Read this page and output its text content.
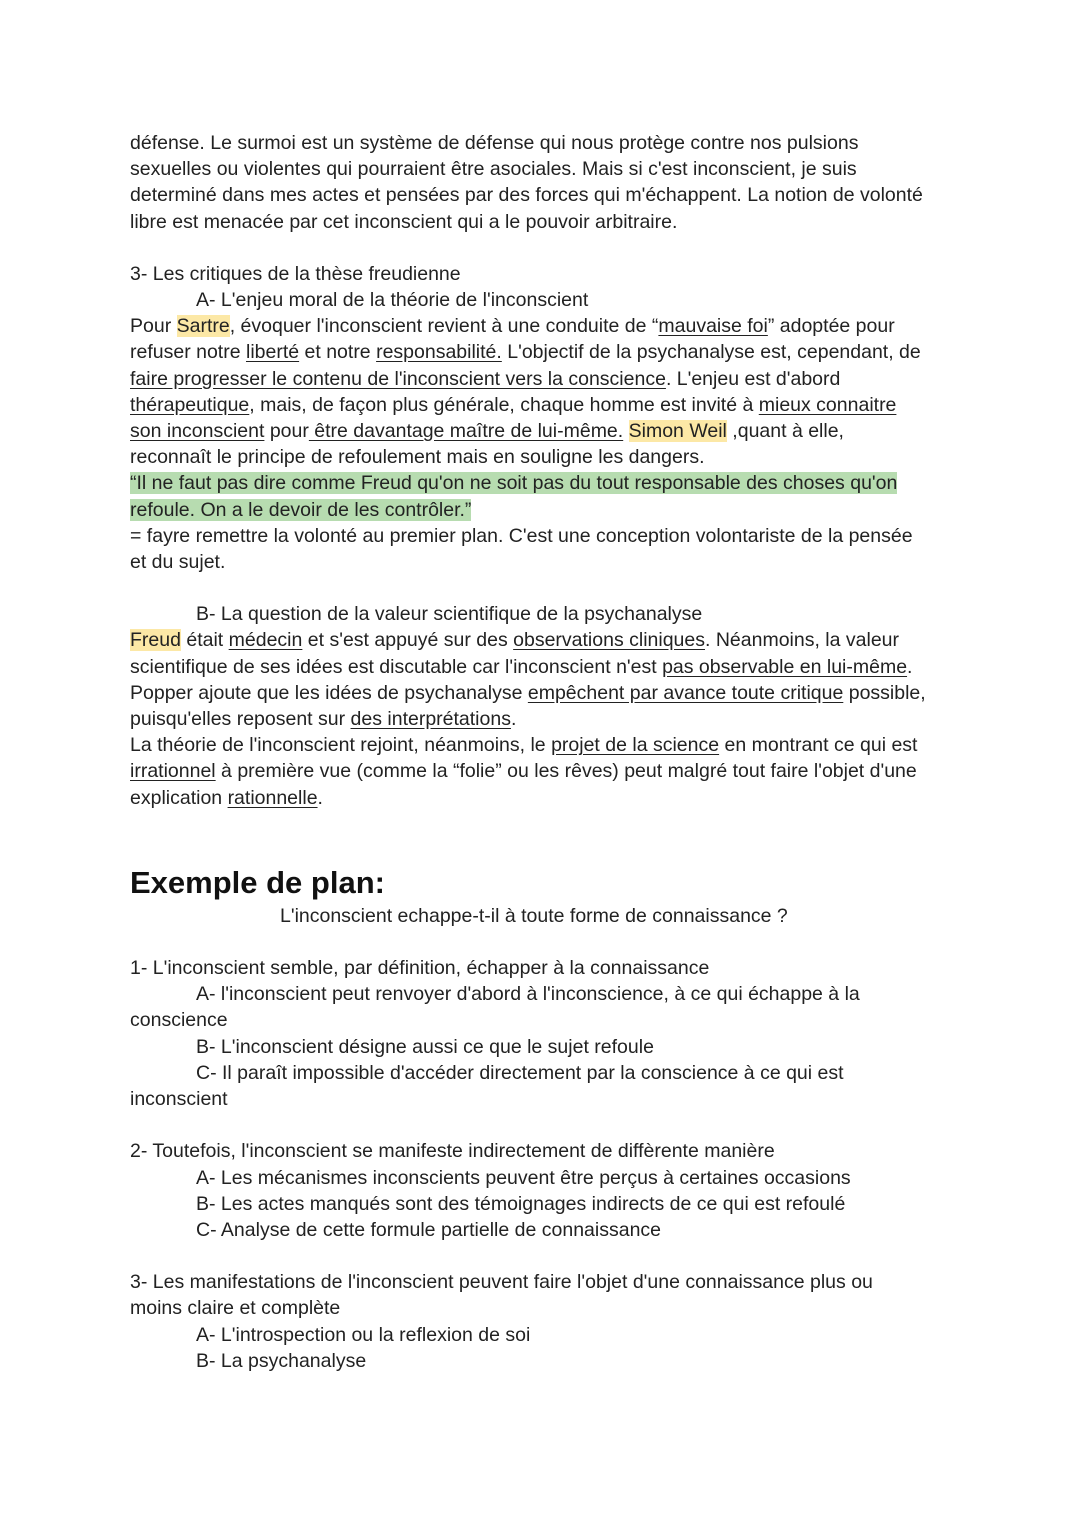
défense. Le surmoi est un système de défense qui nous protège contre nos pulsions

sexuelles ou violentes qui pourraient être asociales. Mais si c'est inconscient, je suis

determiné dans mes actes et pensées par des forces qui m'échappent. La notion de volonté

libre est menacée par cet inconscient qui a le pouvoir arbitraire.

3- Les critiques de la thèse freudienne

A- L'enjeu moral de la théorie de l'inconscient

Pour Sartre, évoquer l'inconscient revient à une conduite de “mauvaise foi” adoptée pour

refuser notre liberté et notre responsabilité. L'objectif de la psychanalyse est, cependant, de

faire progresser le contenu de l'inconscient vers la conscience. L'enjeu est d'abord

thérapeutique, mais, de façon plus générale, chaque homme est invité à mieux connaitre

son inconscient pour être davantage maître de lui-même. Simon Weil ,quant à elle,

reconnaît le principe de refoulement mais en souligne les dangers.

“Il ne faut pas dire comme Freud qu'on ne soit pas du tout responsable des choses qu'on

refoule. On a le devoir de les contrôler.”

= fayre remettre la volonté au premier plan. C'est une conception volontariste de la pensée

et du sujet.

B- La question de la valeur scientifique de la psychanalyse

Freud était médecin et s'est appuyé sur des observations cliniques. Néanmoins, la valeur

scientifique de ses idées est discutable car l'inconscient n'est pas observable en lui-même.

Popper ajoute que les idées de psychanalyse empêchent par avance toute critique possible,

puisqu'elles reposent sur des interprétations.

La théorie de l'inconscient rejoint, néanmoins, le projet de la science en montrant ce qui est

irrationnel à première vue (comme la “folie” ou les rêves) peut malgré tout faire l'objet d'une

explication rationnelle.

Exemple de plan:

L'inconscient echappe-t-il à toute forme de connaissance ?

1- L'inconscient semble, par définition, échapper à la connaissance

A- l'inconscient peut renvoyer d'abord à l'inconscience, à ce qui échappe à la

conscience

B- L'inconscient désigne aussi ce que le sujet refoule

C- Il paraît impossible d'accéder directement par la conscience à ce qui est

inconscient

2- Toutefois, l'inconscient se manifeste indirectement de diffèrente manière

A- Les mécanismes inconscients peuvent être perçus à certaines occasions

B- Les actes manqués sont des témoignages indirects de ce qui est refoulé

C- Analyse de cette formule partielle de connaissance

3- Les manifestations de l'inconscient peuvent faire l'objet d'une connaissance plus ou

moins claire et complète

A- L'introspection ou la reflexion de soi

B- La psychanalyse
